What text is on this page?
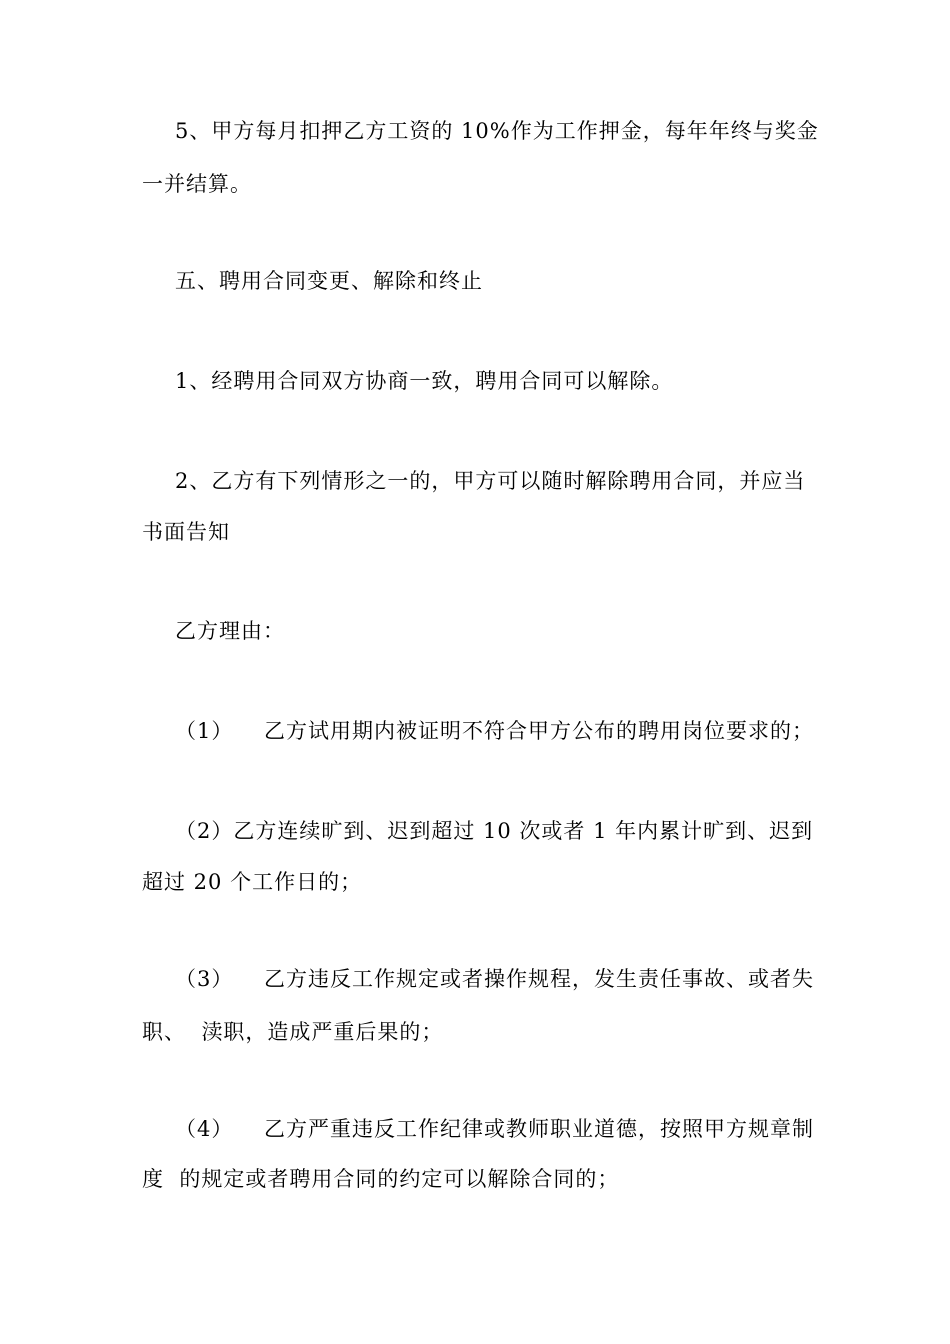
5、甲方每月扣押乙方工资的 10%作为工作押金，每年年终与奖金
一并结算。
五、聘用合同变更、解除和终止
1、经聘用合同双方协商一致，聘用合同可以解除。
2、乙方有下列情形之一的，甲方可以随时解除聘用合同，并应当
书面告知
乙方理由：
（1）    乙方试用期内被证明不符合甲方公布的聘用岗位要求的；
（2）乙方连续旷到、迟到超过 10 次或者 1 年内累计旷到、迟到
超过 20 个工作日的；
（3）    乙方违反工作规定或者操作规程，发生责任事故、或者失
职、  渎职，造成严重后果的；
（4）    乙方严重违反工作纪律或教师职业道德，按照甲方规章制
度  的规定或者聘用合同的约定可以解除合同的；
